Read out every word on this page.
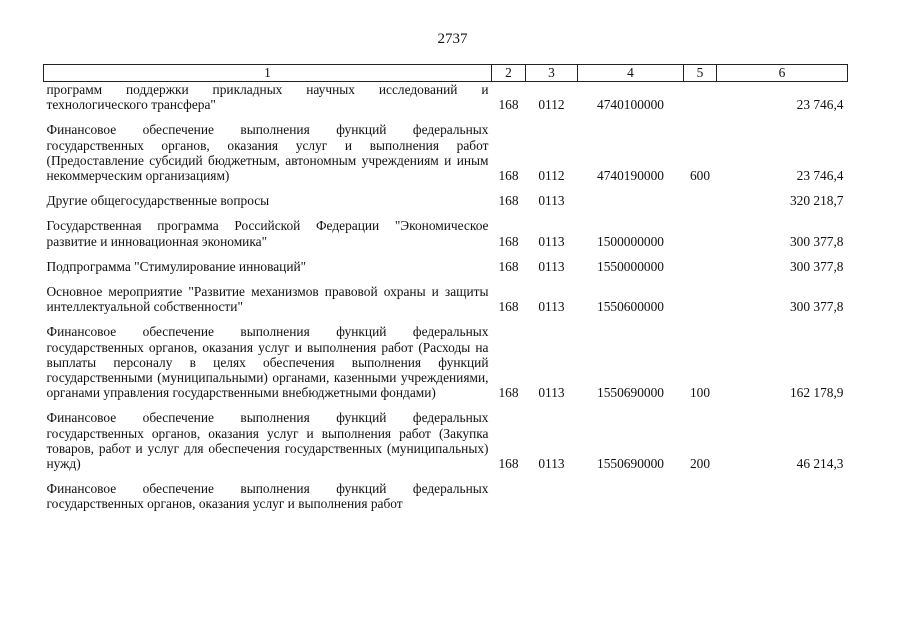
2737
1	2	3	4	5	6

программ поддержки прикладных научных исследований и технологического трансфера"	168	0112	4740100000		23 746,4

Финансовое обеспечение выполнения функций федеральных государственных органов, оказания услуг и выполнения работ (Предоставление субсидий бюджетным, автономным учреждениям и иным некоммерческим организациям)	168	0112	4740190000	600	23 746,4

Другие общегосударственные вопросы	168	0113			320 218,7

Государственная программа Российской Федерации "Экономическое развитие и инновационная экономика"	168	0113	1500000000		300 377,8

Подпрограмма "Стимулирование инноваций"	168	0113	1550000000		300 377,8

Основное мероприятие "Развитие механизмов правовой охраны и защиты интеллектуальной собственности"	168	0113	1550600000		300 377,8

Финансовое обеспечение выполнения функций федеральных государственных органов, оказания услуг и выполнения работ (Расходы на выплаты персоналу в целях обеспечения выполнения функций государственными (муниципальными) органами, казенными учреждениями, органами управления государственными внебюджетными фондами)	168	0113	1550690000	100	162 178,9

Финансовое обеспечение выполнения функций федеральных государственных органов, оказания услуг и выполнения работ (Закупка товаров, работ и услуг для обеспечения государственных (муниципальных) нужд)	168	0113	1550690000	200	46 214,3

Финансовое обеспечение выполнения функций федеральных государственных органов, оказания услуг и выполнения работ					
